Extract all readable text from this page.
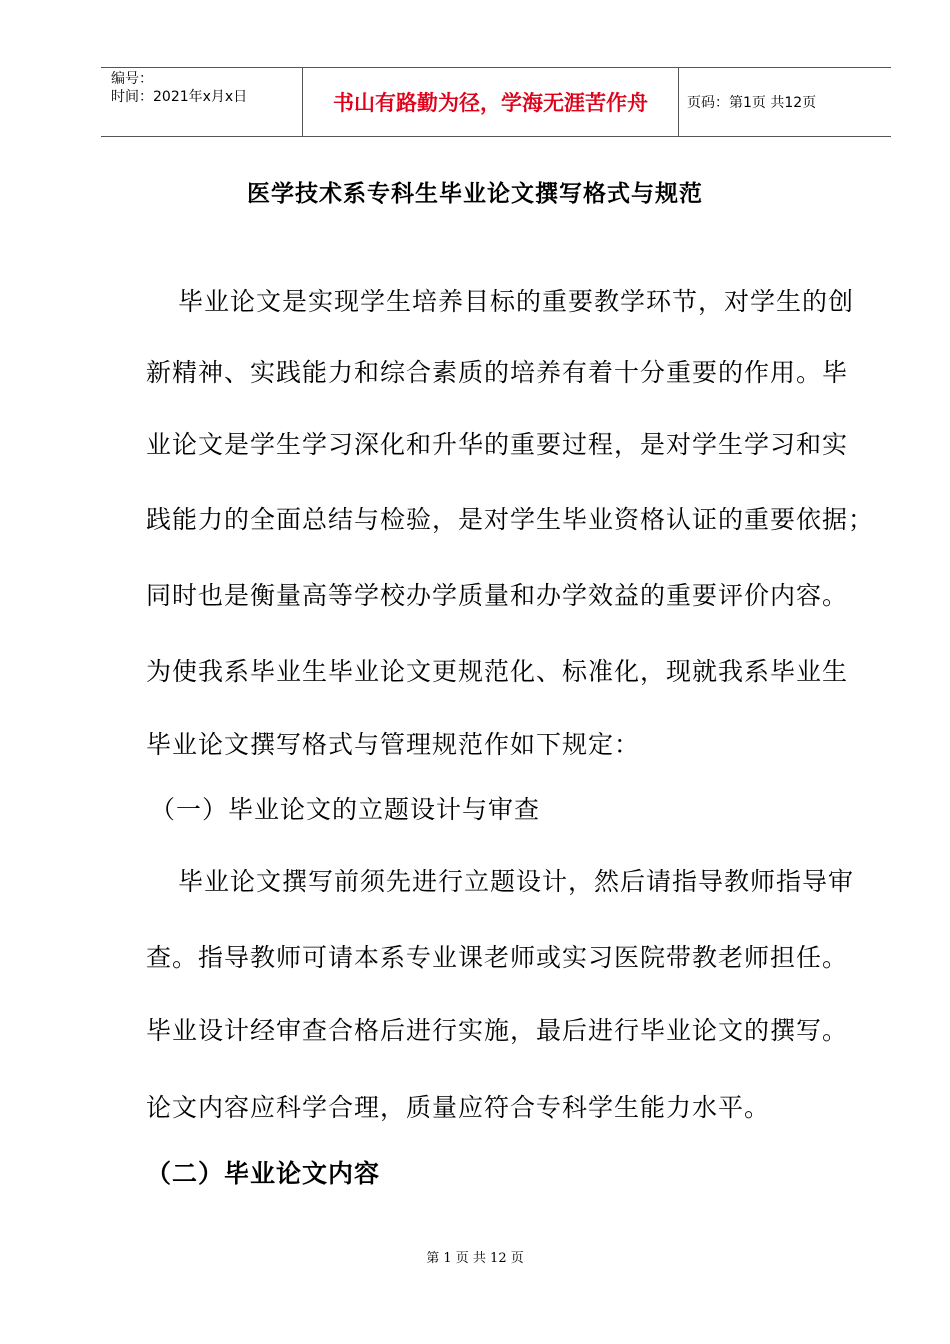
编号：
时间：2021年x月x日	书山有路勤为径，学海无涯苦作舟	页码：第1页 共12页
医学技术系专科生毕业论文撰写格式与规范
毕业论文是实现学生培养目标的重要教学环节，对学生的创
新精神、实践能力和综合素质的培养有着十分重要的作用。毕
业论文是学生学习深化和升华的重要过程，是对学生学习和实
践能力的全面总结与检验，是对学生毕业资格认证的重要依据；
同时也是衡量高等学校办学质量和办学效益的重要评价内容。
为使我系毕业生毕业论文更规范化、标准化，现就我系毕业生
毕业论文撰写格式与管理规范作如下规定：
（一）毕业论文的立题设计与审查
毕业论文撰写前须先进行立题设计，然后请指导教师指导审
查。指导教师可请本系专业课老师或实习医院带教老师担任。
毕业设计经审查合格后进行实施，最后进行毕业论文的撰写。
论文内容应科学合理，质量应符合专科学生能力水平。
（二）毕业论文内容
第 1 页 共 12 页
